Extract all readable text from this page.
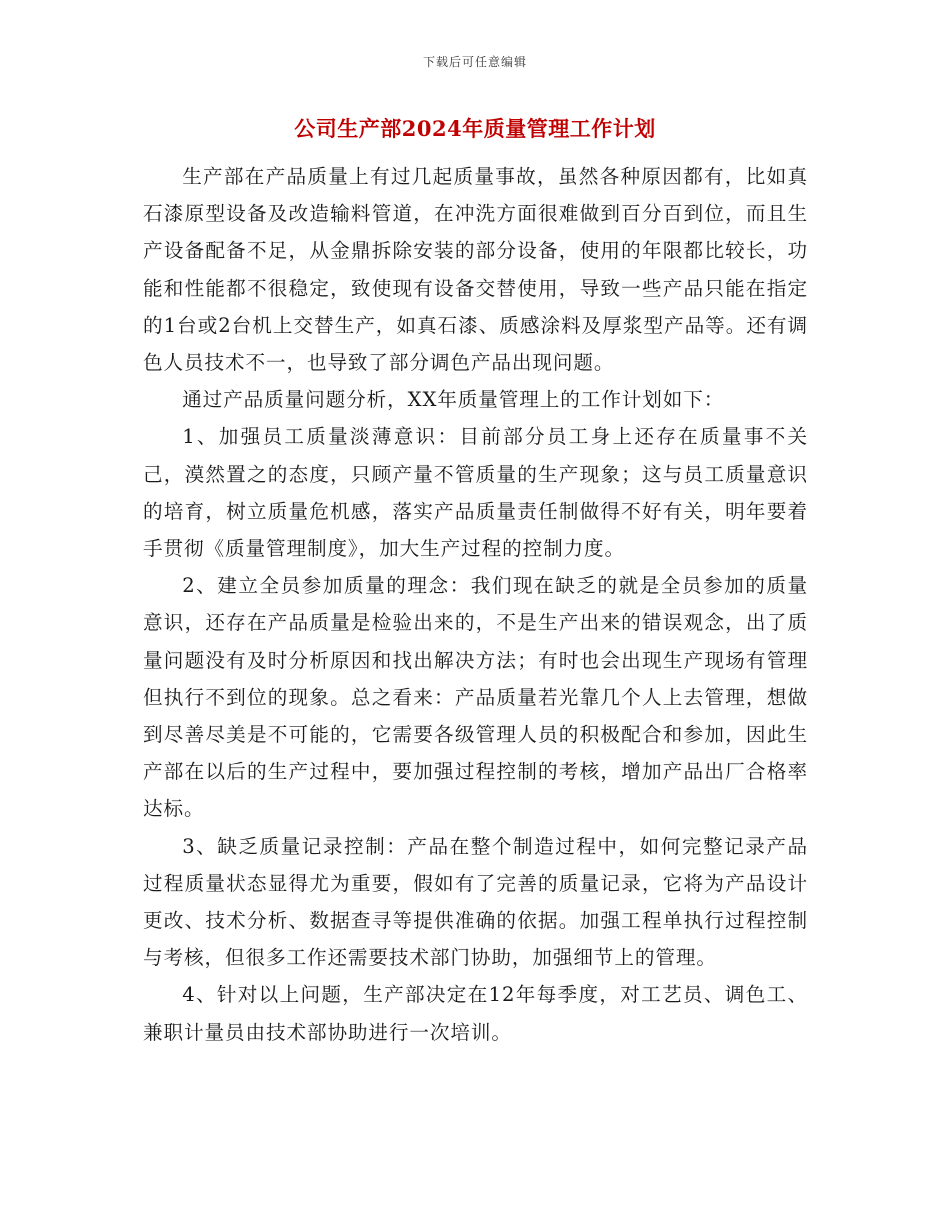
下载后可任意编辑
公司生产部2024年质量管理工作计划

生产部在产品质量上有过几起质量事故，虽然各种原因都有，比如真石漆原型设备及改造输料管道，在冲洗方面很难做到百分百到位，而且生产设备配备不足，从金鼎拆除安装的部分设备，使用的年限都比较长，功能和性能都不很稳定，致使现有设备交替使用，导致一些产品只能在指定的1台或2台机上交替生产，如真石漆、质感涂料及厚浆型产品等。还有调色人员技术不一，也导致了部分调色产品出现问题。

通过产品质量问题分析，XX年质量管理上的工作计划如下：

1、加强员工质量淡薄意识：目前部分员工身上还存在质量事不关己，漠然置之的态度，只顾产量不管质量的生产现象；这与员工质量意识的培育，树立质量危机感，落实产品质量责任制做得不好有关，明年要着手贯彻《质量管理制度》，加大生产过程的控制力度。

2、建立全员参加质量的理念：我们现在缺乏的就是全员参加的质量意识，还存在产品质量是检验出来的，不是生产出来的错误观念，出了质量问题没有及时分析原因和找出解决方法；有时也会出现生产现场有管理但执行不到位的现象。总之看来：产品质量若光靠几个人上去管理，想做到尽善尽美是不可能的，它需要各级管理人员的积极配合和参加，因此生产部在以后的生产过程中，要加强过程控制的考核，增加产品出厂合格率达标。

3、缺乏质量记录控制：产品在整个制造过程中，如何完整记录产品过程质量状态显得尤为重要，假如有了完善的质量记录，它将为产品设计更改、技术分析、数据查寻等提供准确的依据。加强工程单执行过程控制与考核，但很多工作还需要技术部门协助，加强细节上的管理。

4、针对以上问题，生产部决定在12年每季度，对工艺员、调色工、兼职计量员由技术部协助进行一次培训。
